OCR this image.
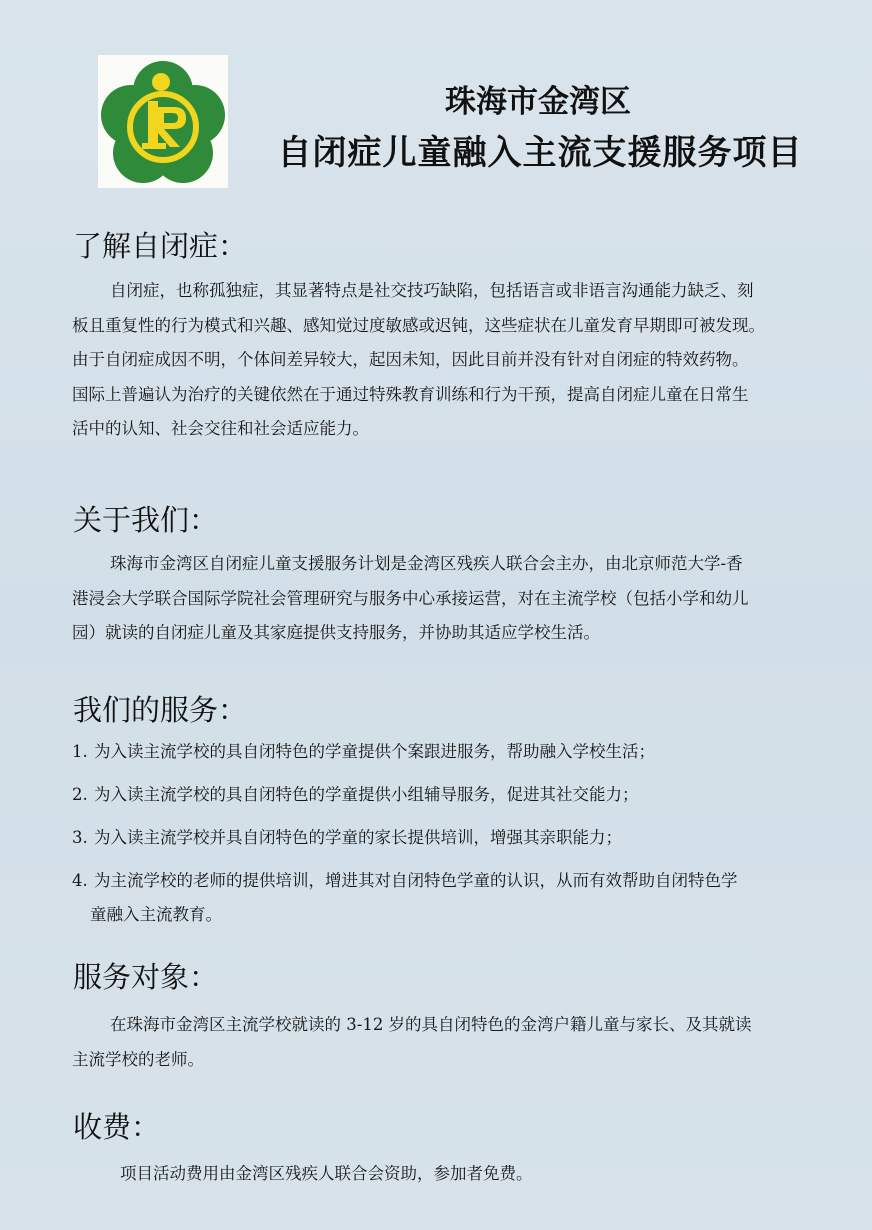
珠海市金湾区
自闭症儿童融入主流支援服务项目
了解自闭症：
自闭症，也称孤独症，其显著特点是社交技巧缺陷，包括语言或非语言沟通能力缺乏、刻
板且重复性的行为模式和兴趣、感知觉过度敏感或迟钝，这些症状在儿童发育早期即可被发现。
由于自闭症成因不明，个体间差异较大，起因未知，因此目前并没有针对自闭症的特效药物。
国际上普遍认为治疗的关键依然在于通过特殊教育训练和行为干预，提高自闭症儿童在日常生
活中的认知、社会交往和社会适应能力。
关于我们：
珠海市金湾区自闭症儿童支援服务计划是金湾区残疾人联合会主办，由北京师范大学-香
港浸会大学联合国际学院社会管理研究与服务中心承接运营，对在主流学校（包括小学和幼儿
园）就读的自闭症儿童及其家庭提供支持服务，并协助其适应学校生活。
我们的服务：
1. 为入读主流学校的具自闭特色的学童提供个案跟进服务，帮助融入学校生活；
2. 为入读主流学校的具自闭特色的学童提供小组辅导服务，促进其社交能力；
3. 为入读主流学校并具自闭特色的学童的家长提供培训，增强其亲职能力；
4. 为主流学校的老师的提供培训，增进其对自闭特色学童的认识，从而有效帮助自闭特色学
童融入主流教育。
服务对象：
在珠海市金湾区主流学校就读的 3-12 岁的具自闭特色的金湾户籍儿童与家长、及其就读
主流学校的老师。
收费：
项目活动费用由金湾区残疾人联合会资助，参加者免费。
